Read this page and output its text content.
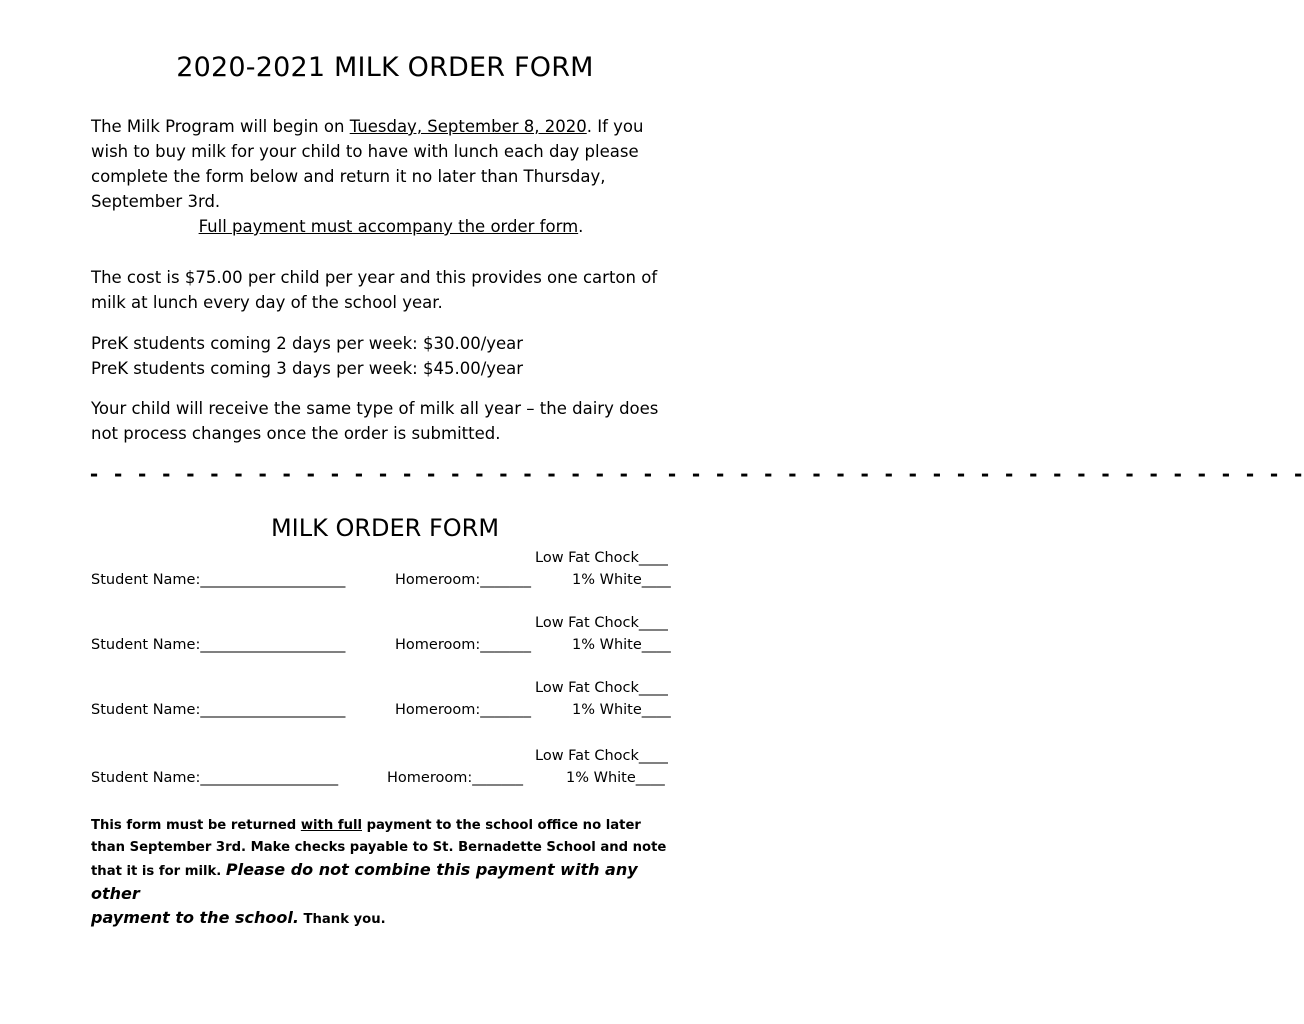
2020-2021 MILK ORDER FORM
The Milk Program will begin on Tuesday, September 8, 2020. If you
wish to buy milk for your child to have with lunch each day please
complete the form below and return it no later than Thursday,
September 3rd.
Full payment must accompany the order form.
The cost is $75.00 per child per year and this provides one carton of
milk at lunch every day of the school year.
PreK students coming 2 days per week: $30.00/year
PreK students coming 3 days per week: $45.00/year
Your child will receive the same type of milk all year – the dairy does
not process changes once the order is submitted.
- - - - - - - - - - - - - - - - - - - - - - - - - - - - - - - - - - - - - - - - - - - - - - - - - - -
MILK ORDER FORM
Low Fat Chock____
Student Name:____________________	Homeroom:_______	1% White____
Low Fat Chock____
Student Name:____________________	Homeroom:_______	1% White____
Low Fat Chock____
Student Name:____________________	Homeroom:_______	1% White____
Low Fat Chock____
Student Name:___________________	Homeroom:_______	1% White____
This form must be returned with full payment to the school office no later
than September 3rd. Make checks payable to St. Bernadette School and note
that it is for milk. Please do not combine this payment with any other
payment to the school. Thank you.
